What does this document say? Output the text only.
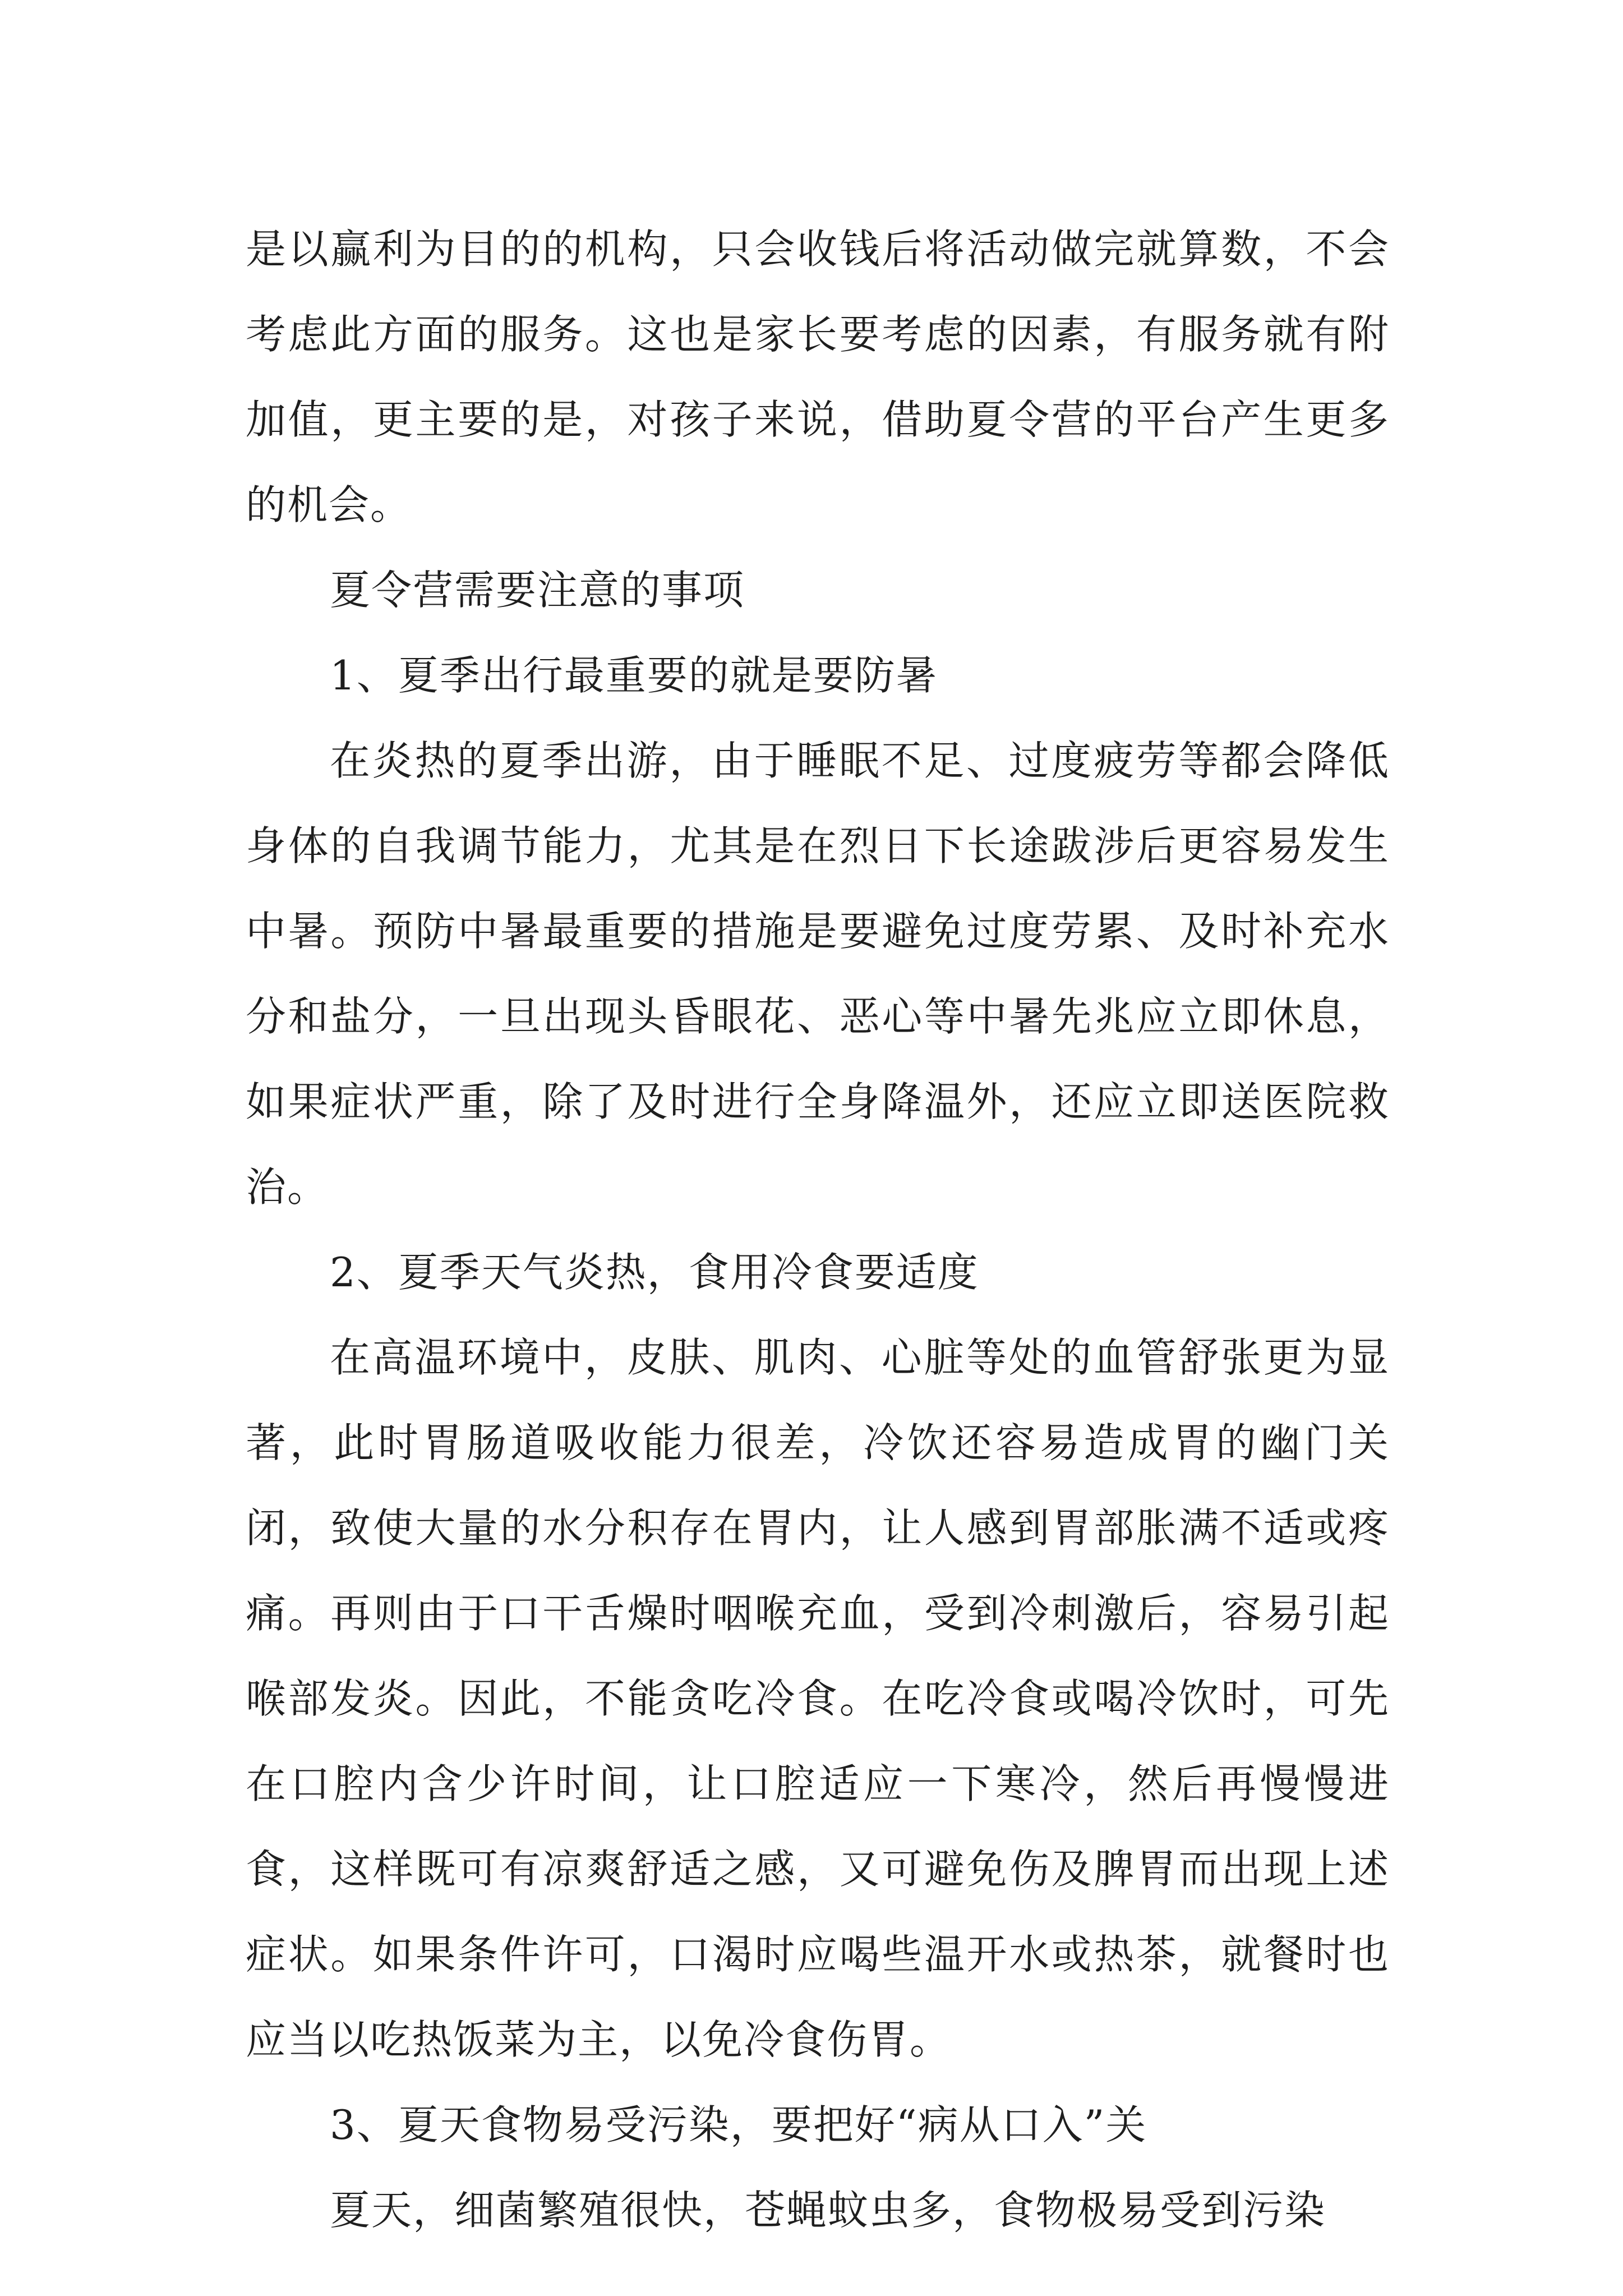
是以赢利为目的的机构，只会收钱后将活动做完就算数，不会考虑此方面的服务。这也是家长要考虑的因素，有服务就有附加值，更主要的是，对孩子来说，借助夏令营的平台产生更多的机会。

夏令营需要注意的事项

1、夏季出行最重要的就是要防暑

在炎热的夏季出游，由于睡眠不足、过度疲劳等都会降低身体的自我调节能力，尤其是在烈日下长途跋涉后更容易发生中暑。预防中暑最重要的措施是要避免过度劳累、及时补充水分和盐分，一旦出现头昏眼花、恶心等中暑先兆应立即休息，如果症状严重，除了及时进行全身降温外，还应立即送医院救治。

2、夏季天气炎热，食用冷食要适度

在高温环境中，皮肤、肌肉、心脏等处的血管舒张更为显著，此时胃肠道吸收能力很差，冷饮还容易造成胃的幽门关闭，致使大量的水分积存在胃内，让人感到胃部胀满不适或疼痛。再则由于口干舌燥时咽喉充血，受到冷刺激后，容易引起喉部发炎。因此，不能贪吃冷食。在吃冷食或喝冷饮时，可先在口腔内含少许时间，让口腔适应一下寒冷，然后再慢慢进食，这样既可有凉爽舒适之感，又可避免伤及脾胃而出现上述症状。如果条件许可，口渴时应喝些温开水或热茶，就餐时也应当以吃热饭菜为主，以免冷食伤胃。

3、夏天食物易受污染，要把好“病从口入”关

夏天，细菌繁殖很快，苍蝇蚊虫多，食物极易受到污染
